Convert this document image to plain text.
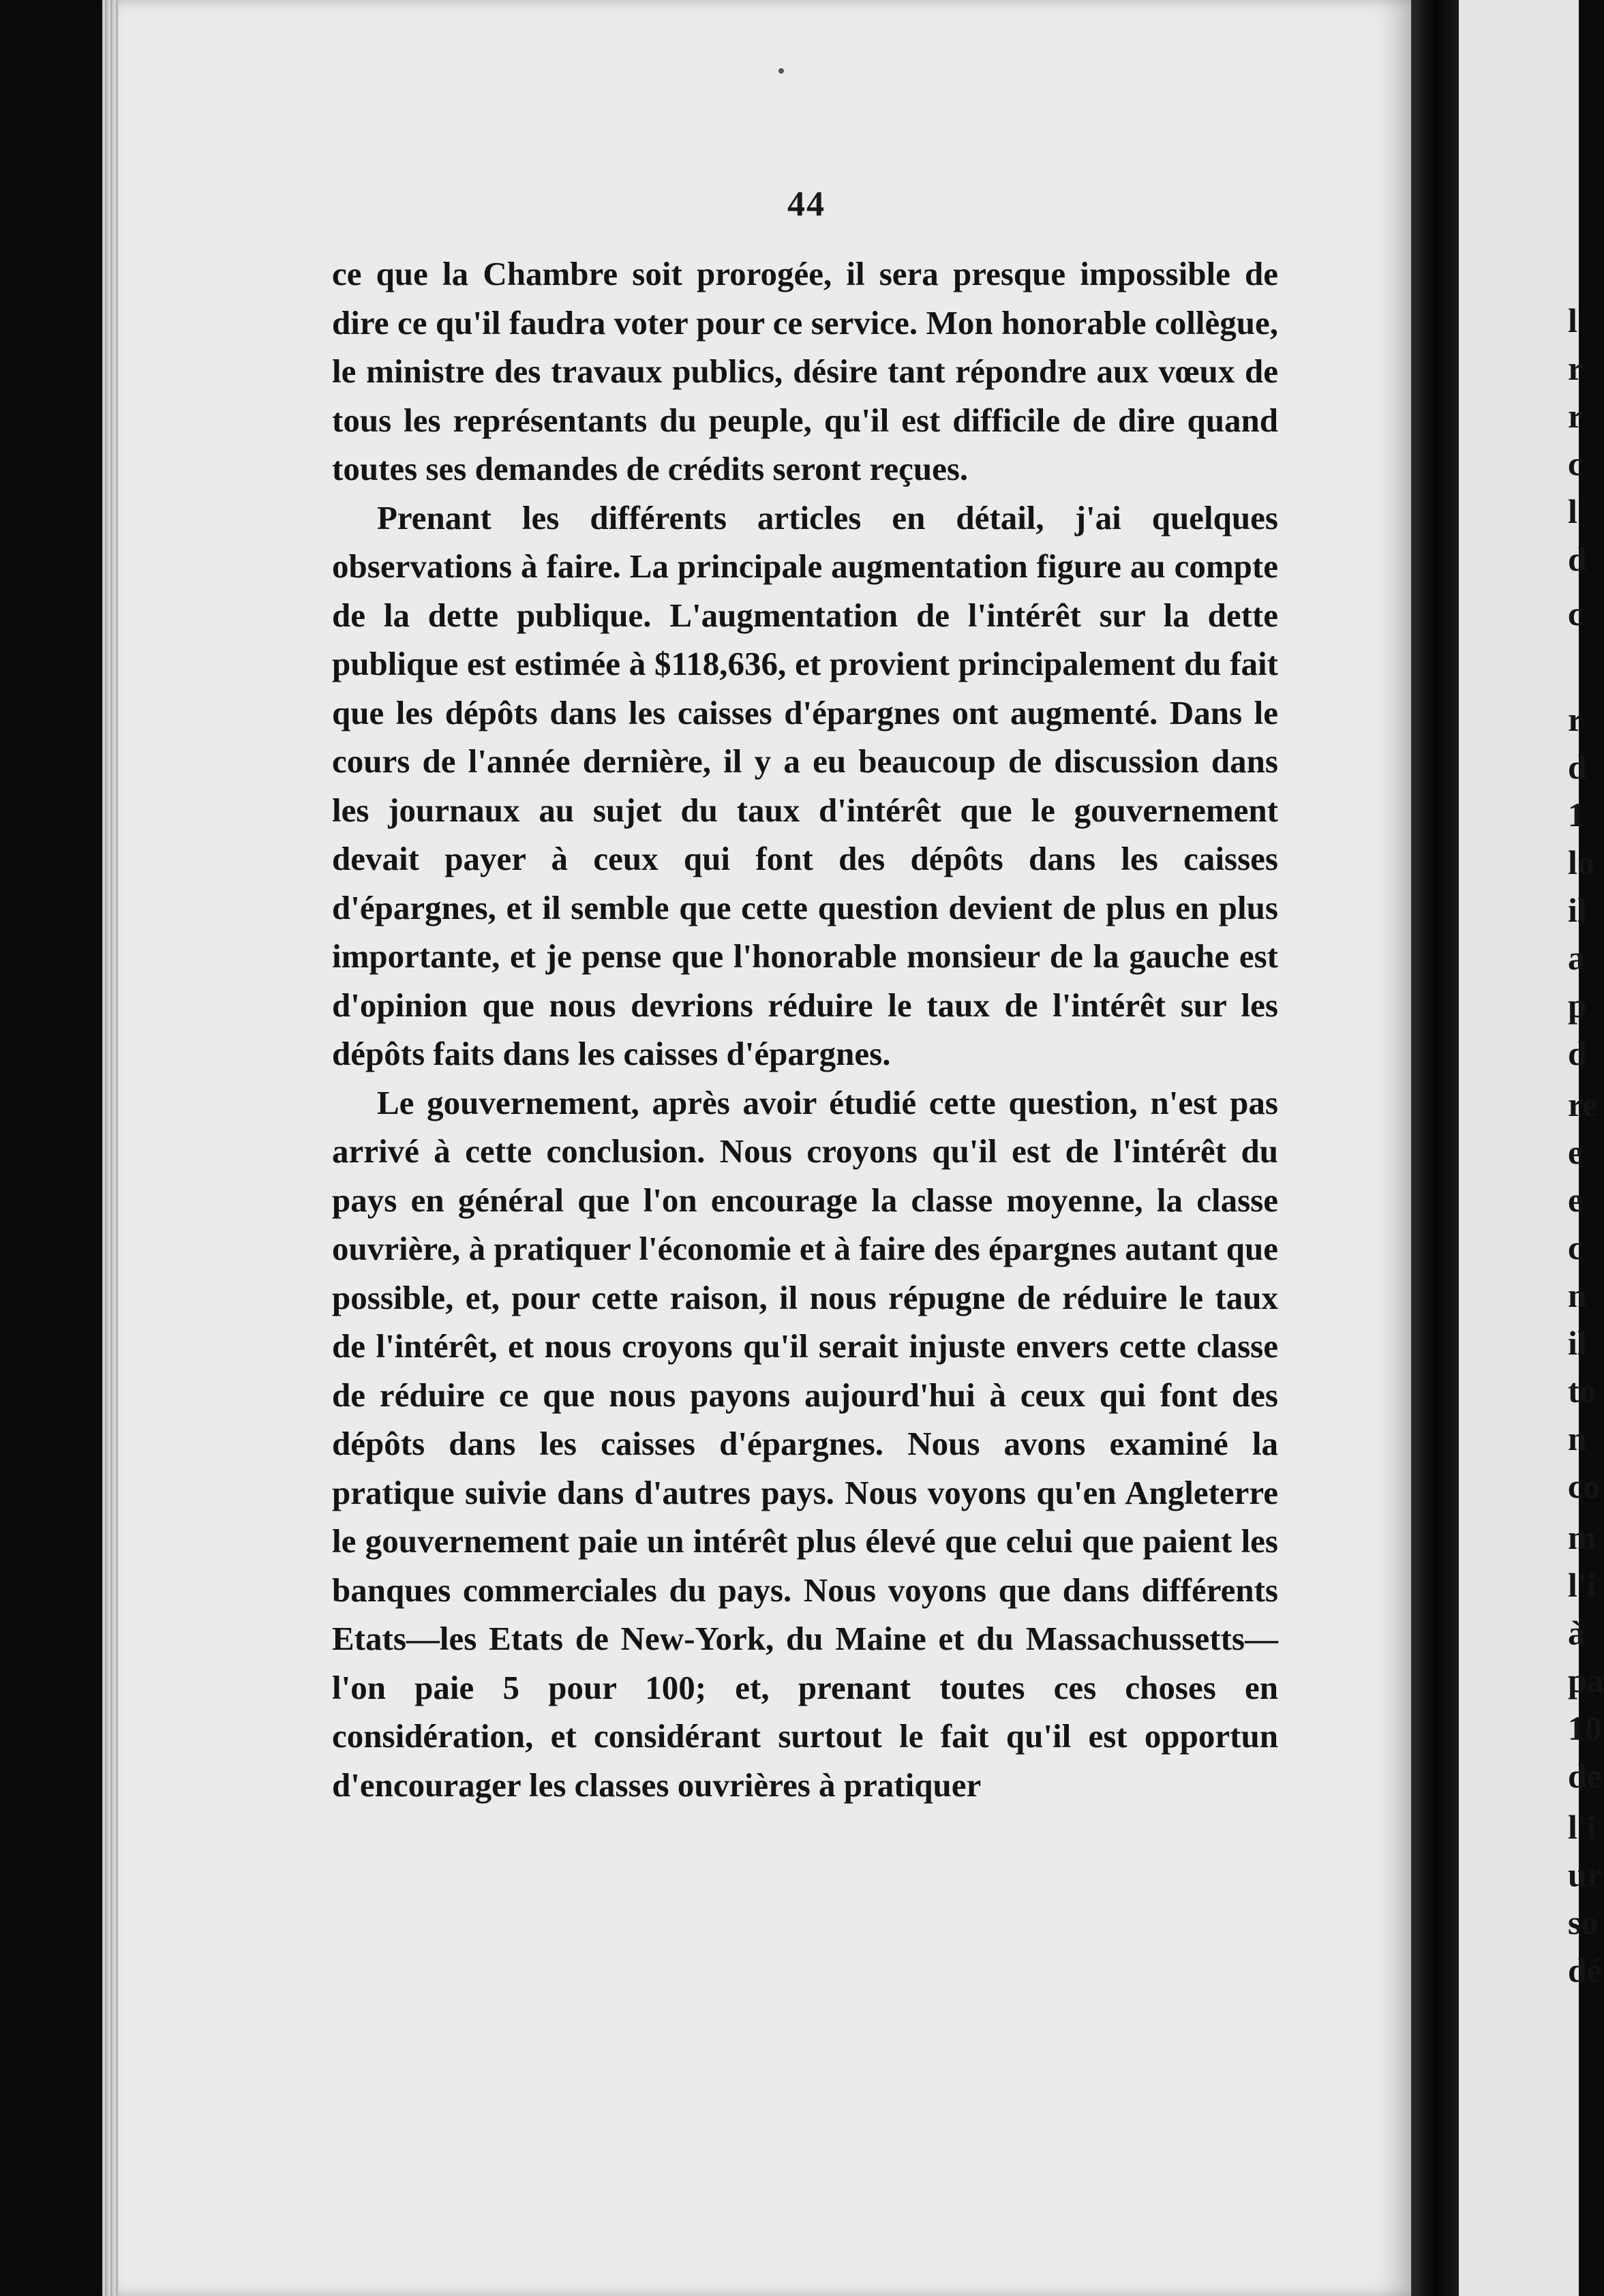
l
r
r
c
l
d
c
r
d
1
lo
il
a
p
d
re
e
e
c
n
il
to
n
co
m
l'i
à
pa
10
de
l'i
ur
so
dé
44

ce que la Chambre soit prorogée, il sera presque impossible de dire ce qu'il faudra voter pour ce service. Mon honorable collègue, le ministre des travaux publics, désire tant répondre aux vœux de tous les représentants du peuple, qu'il est difficile de dire quand toutes ses demandes de crédits seront reçues.

Prenant les différents articles en détail, j'ai quelques observations à faire. La principale augmentation figure au compte de la dette publique. L'augmentation de l'intérêt sur la dette publique est estimée à $118,636, et provient principalement du fait que les dépôts dans les caisses d'épargnes ont augmenté. Dans le cours de l'année dernière, il y a eu beaucoup de discussion dans les journaux au sujet du taux d'intérêt que le gouvernement devait payer à ceux qui font des dépôts dans les caisses d'épargnes, et il semble que cette question devient de plus en plus importante, et je pense que l'honorable monsieur de la gauche est d'opinion que nous devrions réduire le taux de l'intérêt sur les dépôts faits dans les caisses d'épargnes.

Le gouvernement, après avoir étudié cette question, n'est pas arrivé à cette conclusion. Nous croyons qu'il est de l'intérêt du pays en général que l'on encourage la classe moyenne, la classe ouvrière, à pratiquer l'économie et à faire des épargnes autant que possible, et, pour cette raison, il nous répugne de réduire le taux de l'intérêt, et nous croyons qu'il serait injuste envers cette classe de réduire ce que nous payons aujourd'hui à ceux qui font des dépôts dans les caisses d'épargnes. Nous avons examiné la pratique suivie dans d'autres pays. Nous voyons qu'en Angleterre le gouvernement paie un intérêt plus élevé que celui que paient les banques commerciales du pays. Nous voyons que dans différents Etats—les Etats de New-York, du Maine et du Massachussetts—l'on paie 5 pour 100; et, prenant toutes ces choses en considération, et considérant surtout le fait qu'il est opportun d'encourager les classes ouvrières à pratiquer
